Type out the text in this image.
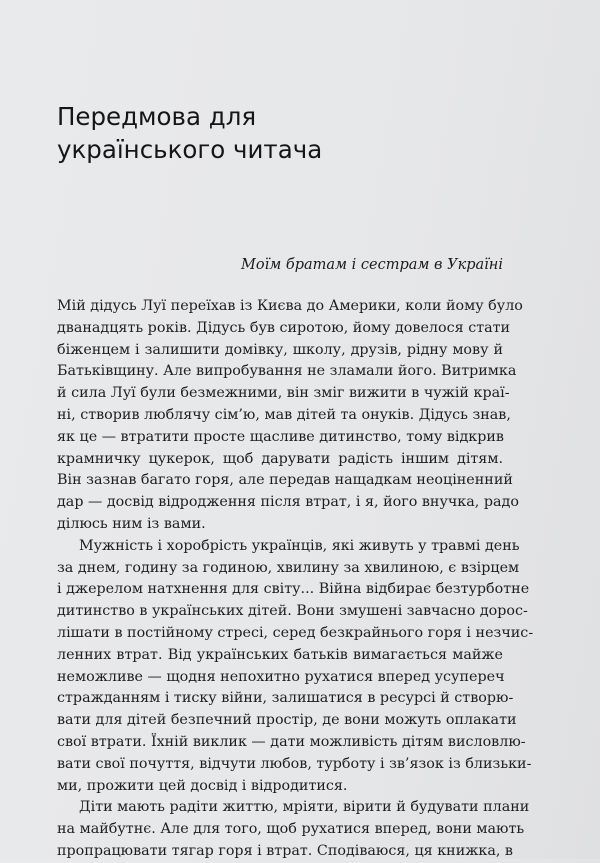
Передмова для
українського читача
Моїм братам і сестрам в Україні
Мій дідусь Луї переїхав із Києва до Америки, коли йому було
дванадцять років. Дідусь був сиротою, йому довелося стати
біженцем і залишити домівку, школу, друзів, рідну мову й
Батьківщину. Але випробування не зламали його. Витримка
й сила Луї були безмежними, він зміг вижити в чужій краї-
ні, створив люблячу сім’ю, мав дітей та онуків. Дідусь знав,
як це — втратити просте щасливе дитинство, тому відкрив
крамничку цукерок, щоб дарувати радість іншим дітям.
Він зазнав багато горя, але передав нащадкам неоціненний
дар — досвід відродження після втрат, і я, його внучка, радо
ділюсь ним із вами.
Мужність і хоробрість українців, які живуть у травмі день
за днем, годину за годиною, хвилину за хвилиною, є взірцем
і джерелом натхнення для світу... Війна відбирає безтурботне
дитинство в українських дітей. Вони змушені завчасно дорос-
лішати в постійному стресі, серед безкрайнього горя і незчис-
ленних втрат. Від українських батьків вимагається майже
неможливе — щодня непохитно рухатися вперед усупереч
стражданням і тиску війни, залишатися в ресурсі й створю-
вати для дітей безпечний простір, де вони можуть оплакати
свої втрати. Їхній виклик — дати можливість дітям висловлю-
вати свої почуття, відчути любов, турботу і зв’язок із близьки-
ми, прожити цей досвід і відродитися.
Діти мають радіти життю, мріяти, вірити й будувати плани
на майбутнє. Але для того, щоб рухатися вперед, вони мають
пропрацювати тягар горя і втрат. Сподіваюся, ця книжка, в
